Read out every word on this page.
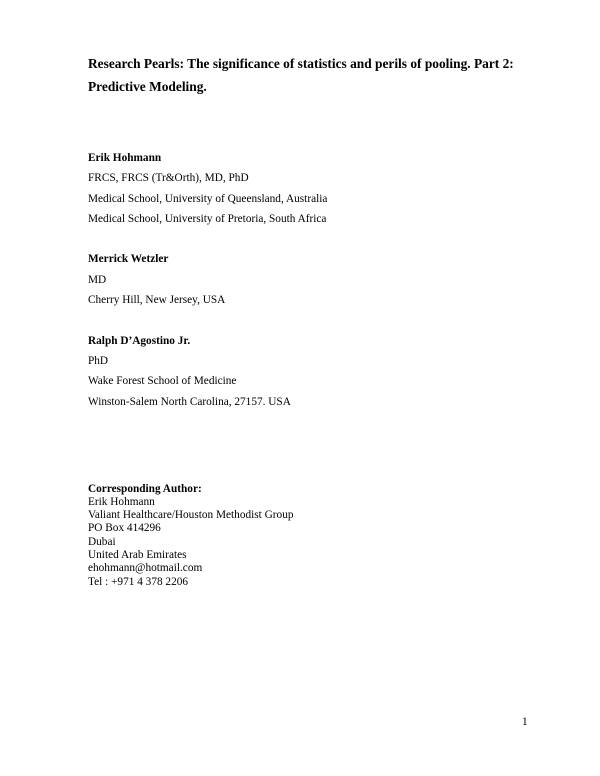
Research Pearls: The significance of statistics and perils of pooling. Part 2: Predictive Modeling.
Erik Hohmann
FRCS, FRCS (Tr&Orth), MD, PhD
Medical School, University of Queensland, Australia
Medical School, University of Pretoria, South Africa
Merrick Wetzler
MD
Cherry Hill, New Jersey, USA
Ralph D’Agostino Jr.
PhD
Wake Forest School of Medicine
Winston-Salem North Carolina, 27157. USA
Corresponding Author:
Erik Hohmann
Valiant Healthcare/Houston Methodist Group
PO Box 414296
Dubai
United Arab Emirates
ehohmann@hotmail.com
Tel : +971 4 378 2206
1
